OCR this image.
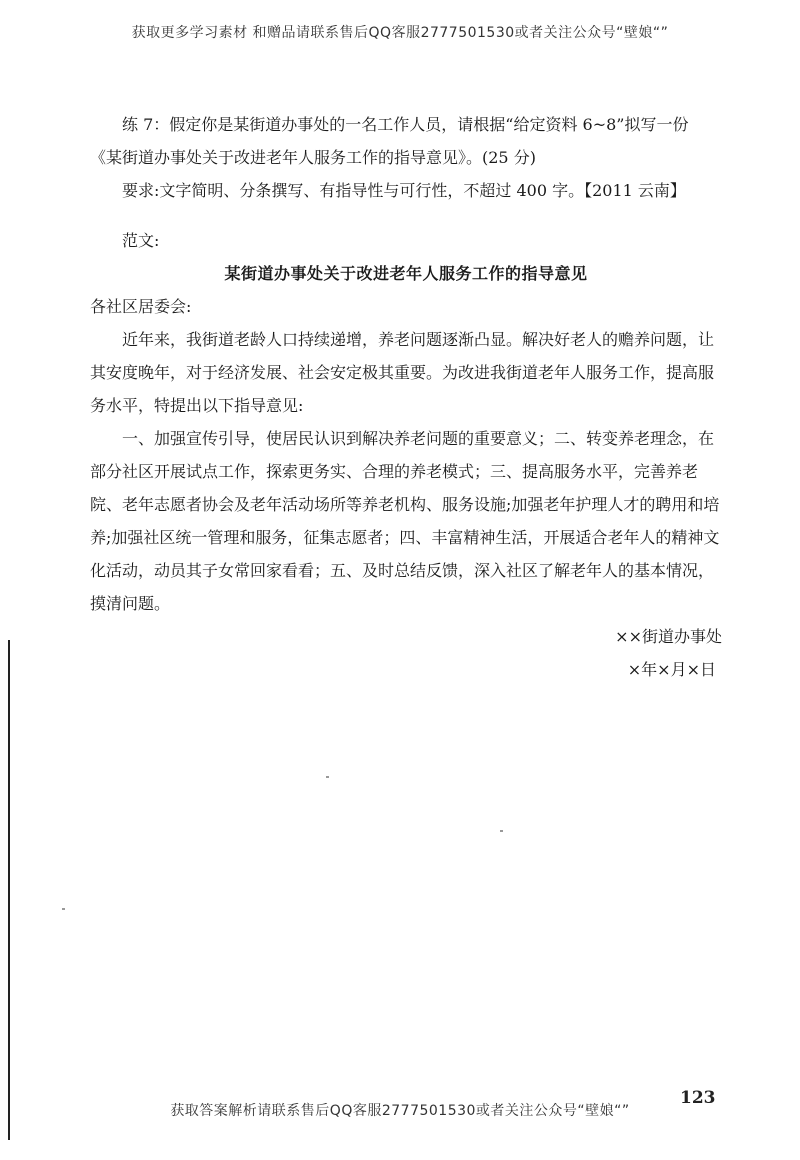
获取更多学习素材 和赠品请联系售后QQ客服2777501530或者关注公众号“壁娘“”

练 7：假定你是某街道办事处的一名工作人员，请根据“给定资料 6~8”拟写一份

《某街道办事处关于改进老年人服务工作的指导意见》。(25 分)

要求:文字简明、分条撰写、有指导性与可行性，不超过 400 字。【2011 云南】

范文:

某街道办事处关于改进老年人服务工作的指导意见

各社区居委会:

近年来，我街道老龄人口持续递增，养老问题逐渐凸显。解决好老人的赡养问题，让其安度晚年，对于经济发展、社会安定极其重要。为改进我街道老年人服务工作，提高服务水平，特提出以下指导意见:

一、加强宣传引导，使居民认识到解决养老问题的重要意义；二、转变养老理念，在部分社区开展试点工作，探索更务实、合理的养老模式；三、提高服务水平，完善养老院、老年志愿者协会及老年活动场所等养老机构、服务设施;加强老年护理人才的聘用和培养;加强社区统一管理和服务，征集志愿者；四、丰富精神生活，开展适合老年人的精神文化活动，动员其子女常回家看看；五、及时总结反馈，深入社区了解老年人的基本情况，摸清问题。

××街道办事处

×年×月×日

123
获取答案解析请联系售后QQ客服2777501530或者关注公众号“壁娘“”
